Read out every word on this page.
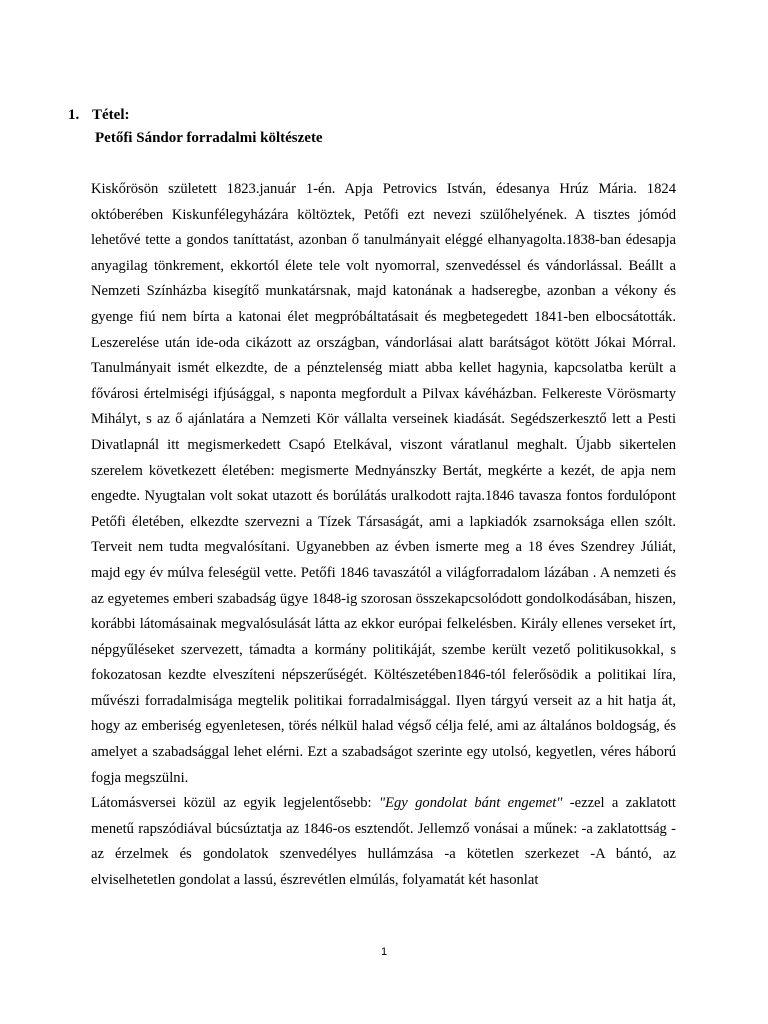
1. Tétel:
Petőfi Sándor forradalmi költészete

Kiskőrösön született 1823.január 1-én. Apja Petrovics István, édesanya Hrúz Mária. 1824 októberében Kiskunfélegyházára költöztek, Petőfi ezt nevezi szülőhelyének. A tisztes jómód lehetővé tette a gondos taníttatást, azonban ő tanulmányait eléggé elhanyagolta.1838-ban édesapja anyagilag tönkrement, ekkortól élete tele volt nyomorral, szenvedéssel és vándorlással. Beállt a Nemzeti Színházba kisegítő munkatársnak, majd katonának a hadseregbe, azonban a vékony és gyenge fiú nem bírta a katonai élet megpróbáltatásait és megbetegedett 1841-ben elbocsátották. Leszerelése után ide-oda cikázott az országban, vándorlásai alatt barátságot kötött Jókai Mórral. Tanulmányait ismét elkezdte, de a pénztelenség miatt abba kellet hagynia, kapcsolatba került a fővárosi értelmiségi ifjúsággal, s naponta megfordult a Pilvax kávéházban. Felkereste Vörösmarty Mihályt, s az ő ajánlatára a Nemzeti Kör vállalta verseinek kiadását. Segédszerkesztő lett a Pesti Divatlapnál itt megismerkedett Csapó Etelkával, viszont váratlanul meghalt. Újabb sikertelen szerelem következett életében: megismerte Mednyánszky Bertát, megkérte a kezét, de apja nem engedte. Nyugtalan volt sokat utazott és borúlátás uralkodott rajta.1846 tavasza fontos fordulópont Petőfi életében, elkezdte szervezni a Tízek Társaságát, ami a lapkiadók zsarnoksága ellen szólt. Terveit nem tudta megvalósítani. Ugyanebben az évben ismerte meg a 18 éves Szendrey Júliát, majd egy év múlva feleségül vette. Petőfi 1846 tavaszától a világforradalom lázában . A nemzeti és az egyetemes emberi szabadság ügye 1848-ig szorosan összekapcsolódott gondolkodásában, hiszen, korábbi látomásainak megvalósulását látta az ekkor európai felkelésben. Király ellenes verseket írt, népgyűléseket szervezett, támadta a kormány politikáját, szembe került vezető politikusokkal, s fokozatosan kezdte elveszíteni népszerűségét. Költészetében1846-tól felerősödik a politikai líra, művészi forradalmisága megtelik politikai forradalmisággal. Ilyen tárgyú verseit az a hit hatja át, hogy az emberiség egyenletesen, törés nélkül halad végső célja felé, ami az általános boldogság, és amelyet a szabadsággal lehet elérni. Ezt a szabadságot szerinte egy utolsó, kegyetlen, véres háború fogja megszülni.

Látomásversei közül az egyik legjelentősebb: "Egy gondolat bánt engemet" -ezzel a zaklatott menetű rapszódiával búcsúztatja az 1846-os esztendőt. Jellemző vonásai a műnek: -a zaklatottság -az érzelmek és gondolatok szenvedélyes hullámzása -a kötetlen szerkezet -A bántó, az elviselhetetlen gondolat a lassú, észrevétlen elmúlás, folyamatát két hasonlat

1
